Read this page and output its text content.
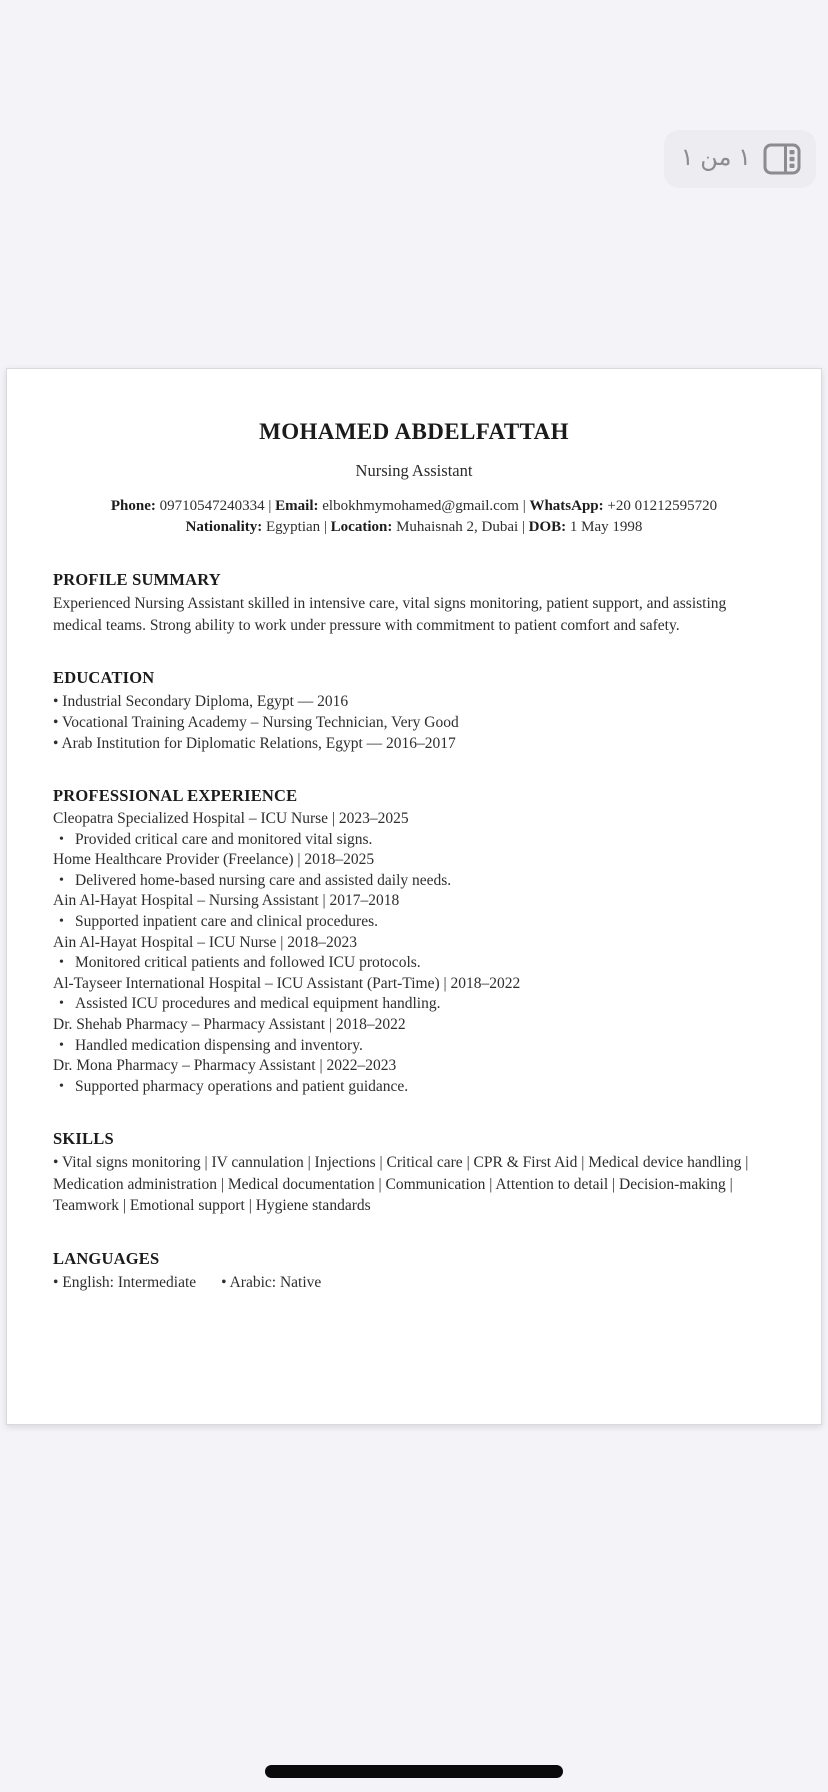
١ من ١
MOHAMED ABDELFATTAH
Nursing Assistant
Phone: 09710547240334 | Email: elbokhmymohamed@gmail.com | WhatsApp: +20 01212595720
Nationality: Egyptian | Location: Muhaisnah 2, Dubai | DOB: 1 May 1998
PROFILE SUMMARY
Experienced Nursing Assistant skilled in intensive care, vital signs monitoring, patient support, and assisting medical teams. Strong ability to work under pressure with commitment to patient comfort and safety.
EDUCATION
• Industrial Secondary Diploma, Egypt — 2016
• Vocational Training Academy – Nursing Technician, Very Good
• Arab Institution for Diplomatic Relations, Egypt — 2016–2017
PROFESSIONAL EXPERIENCE
Cleopatra Specialized Hospital – ICU Nurse | 2023–2025
• Provided critical care and monitored vital signs.
Home Healthcare Provider (Freelance) | 2018–2025
• Delivered home-based nursing care and assisted daily needs.
Ain Al-Hayat Hospital – Nursing Assistant | 2017–2018
• Supported inpatient care and clinical procedures.
Ain Al-Hayat Hospital – ICU Nurse | 2018–2023
• Monitored critical patients and followed ICU protocols.
Al-Tayseer International Hospital – ICU Assistant (Part-Time) | 2018–2022
• Assisted ICU procedures and medical equipment handling.
Dr. Shehab Pharmacy – Pharmacy Assistant | 2018–2022
• Handled medication dispensing and inventory.
Dr. Mona Pharmacy – Pharmacy Assistant | 2022–2023
• Supported pharmacy operations and patient guidance.
SKILLS
• Vital signs monitoring | IV cannulation | Injections | Critical care | CPR & First Aid | Medical device handling | Medication administration | Medical documentation | Communication | Attention to detail | Decision-making | Teamwork | Emotional support | Hygiene standards
LANGUAGES
• English: Intermediate • Arabic: Native
